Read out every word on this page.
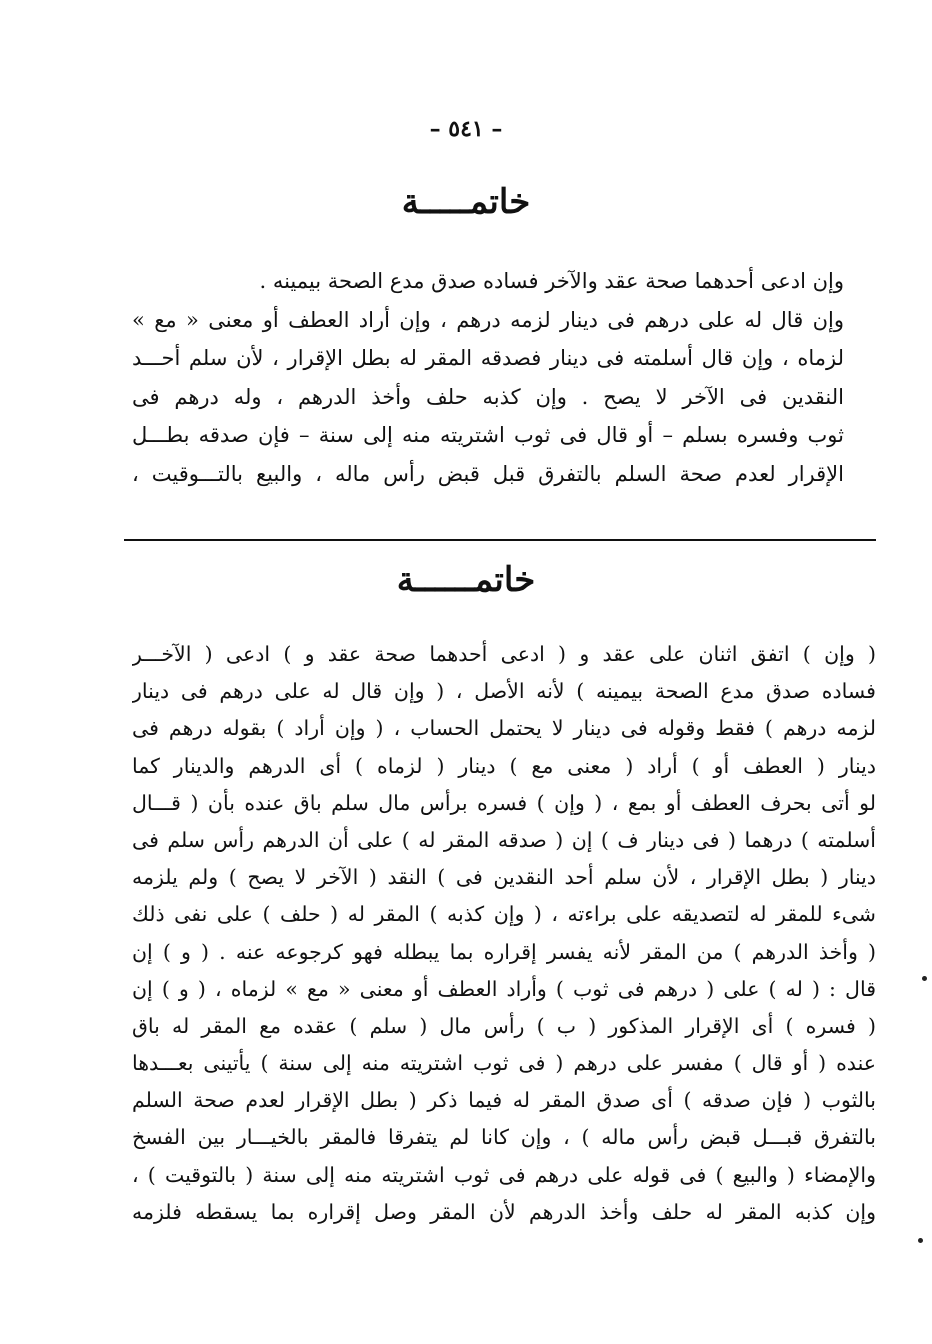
– ٥٤١ –
خاتمـــــة
وإن ادعى أحدهما صحة عقد والآخر فساده صدق مدع الصحة بيمينه .
وإن قال له على درهم فى دينار لزمه درهم ، وإن أراد العطف أو معنى « مع »
لزماه ، وإن قال أسلمته فى دينار فصدقه المقر له بطل الإقرار ، لأن سلم أحـــد
النقدين فى الآخر لا يصح . وإن كذبه حلف وأخذ الدرهم ، وله درهم فى
ثوب وفسره بسلم – أو قال فى ثوب اشتريته منه إلى سنة – فإن صدقه بطـــل
الإقرار لعدم صحة السلم بالتفرق قبل قبض رأس ماله ، والبيع بالتـــوقيت ،
خاتمــــــة
( وإن ) اتفق اثنان على عقد و ( ادعى أحدهما صحة عقد و ) ادعى ( الآخـــر
فساده صدق مدع الصحة بيمينه ) لأنه الأصل ، ( وإن قال له على درهم فى دينار
لزمه درهم ) فقط وقوله فى دينار لا يحتمل الحساب ، ( وإن أراد ) بقوله درهم فى
دينار ( العطف أو ) أراد ( معنى مع ) دينار ( لزماه ) أى الدرهم والدينار كما
لو أتى بحرف العطف أو بمع ، ( وإن ) فسره برأس مال سلم باق عنده بأن ( قـــال
أسلمته ) درهما ( فى دينار ف ) إن ( صدقه المقر له ) على أن الدرهم رأس سلم فى
دينار ( بطل الإقرار ، لأن سلم أحد النقدين فى ) النقد ( الآخر لا يصح ) ولم يلزمه
شىء للمقر له لتصديقه على براءته ، ( وإن كذبه ) المقر له ( حلف ) على نفى ذلك
( وأخذ الدرهم ) من المقر لأنه يفسر إقراره بما يبطله فهو كرجوعه عنه . ( و ) إن
قال : ( له ) على ( درهم فى ثوب ) وأراد العطف أو معنى « مع » لزماه ، ( و ) إن
( فسره ) أى الإقرار المذكور ( ب ) رأس مال ( سلم ) عقده مع المقر له باق
عنده ( أو قال ) مفسر على درهم ( فى ثوب اشتريته منه إلى سنة ) يأتينى بعـــدها
بالثوب ( فإن صدقه ) أى صدق المقر له فيما ذكر ( بطل الإقرار لعدم صحة السلم
بالتفرق قبـــل قبض رأس ماله ) ، وإن كانا لم يتفرقا فالمقر بالخيـــار بين الفسخ
والإمضاء ( والبيع ) فى قوله على درهم فى ثوب اشتريته منه إلى سنة ( بالتوقيت ) ،
وإن كذبه المقر له حلف وأخذ الدرهم لأن المقر وصل إقراره بما يسقطه فلزمه
